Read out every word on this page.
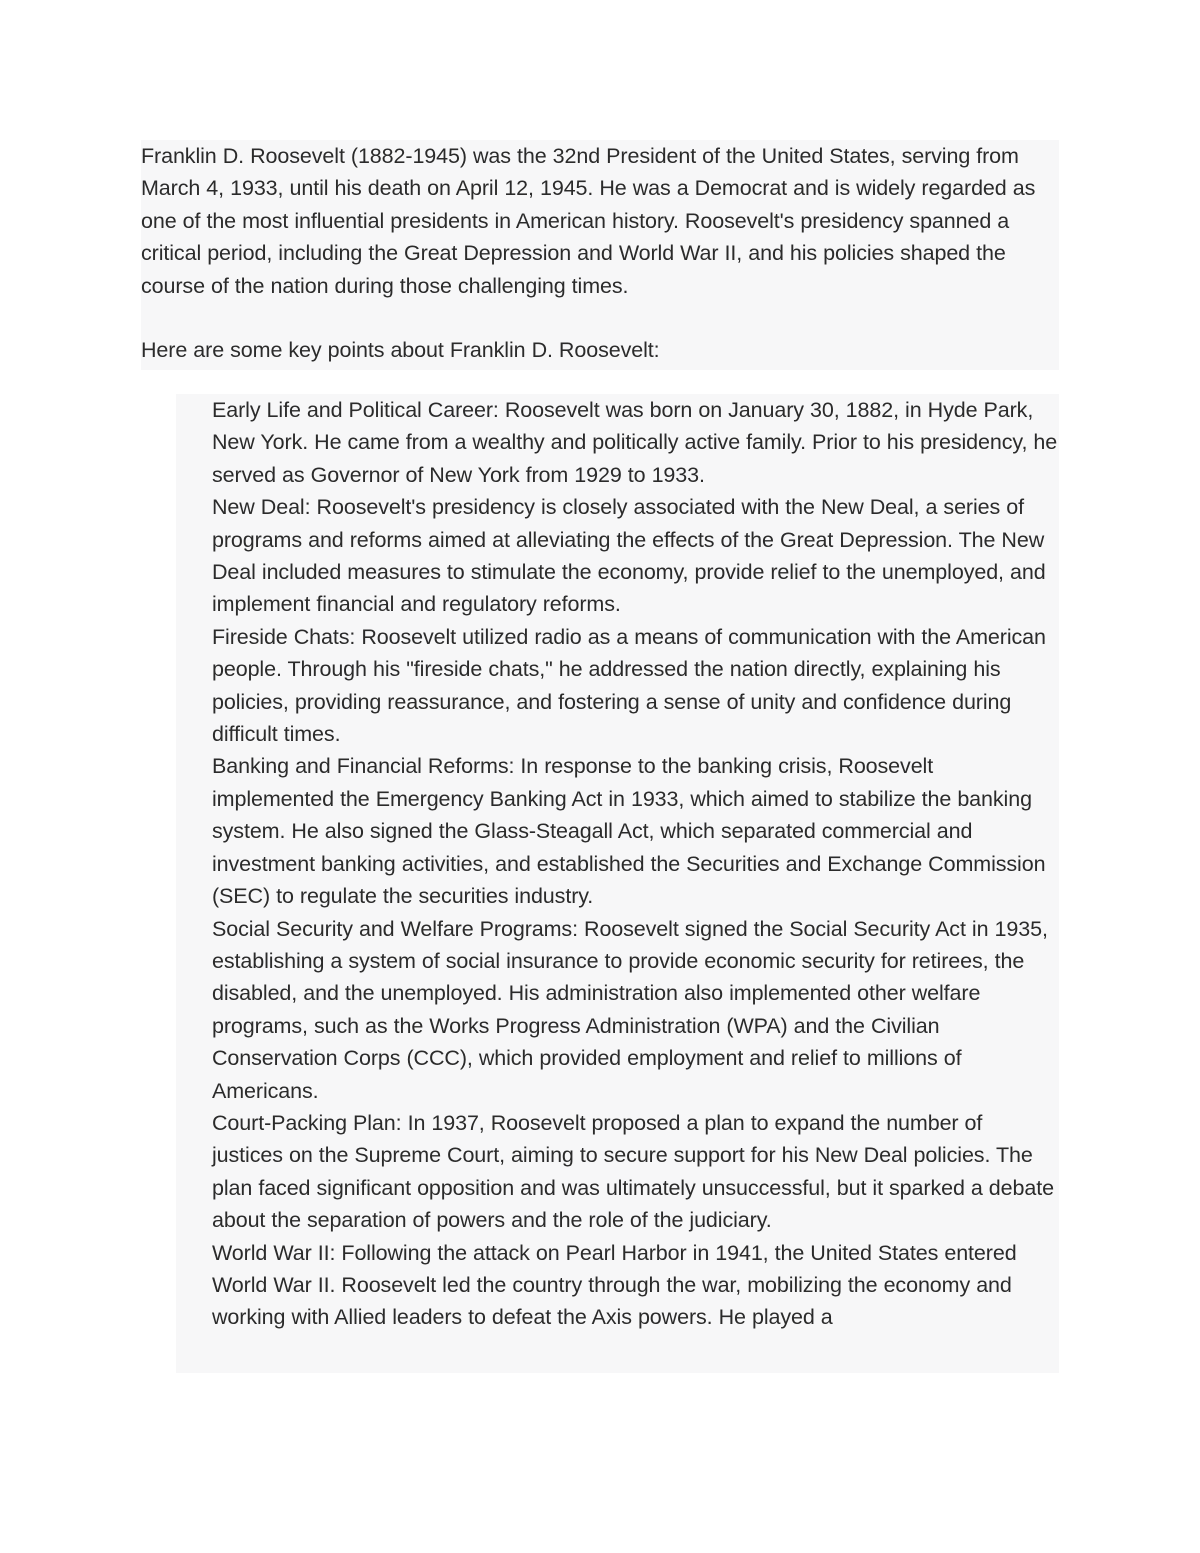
Franklin D. Roosevelt (1882-1945) was the 32nd President of the United States, serving from March 4, 1933, until his death on April 12, 1945. He was a Democrat and is widely regarded as one of the most influential presidents in American history. Roosevelt's presidency spanned a critical period, including the Great Depression and World War II, and his policies shaped the course of the nation during those challenging times.

Here are some key points about Franklin D. Roosevelt:

Early Life and Political Career: Roosevelt was born on January 30, 1882, in Hyde Park, New York. He came from a wealthy and politically active family. Prior to his presidency, he served as Governor of New York from 1929 to 1933.
New Deal: Roosevelt's presidency is closely associated with the New Deal, a series of programs and reforms aimed at alleviating the effects of the Great Depression. The New Deal included measures to stimulate the economy, provide relief to the unemployed, and implement financial and regulatory reforms.
Fireside Chats: Roosevelt utilized radio as a means of communication with the American people. Through his "fireside chats," he addressed the nation directly, explaining his policies, providing reassurance, and fostering a sense of unity and confidence during difficult times.
Banking and Financial Reforms: In response to the banking crisis, Roosevelt implemented the Emergency Banking Act in 1933, which aimed to stabilize the banking system. He also signed the Glass-Steagall Act, which separated commercial and investment banking activities, and established the Securities and Exchange Commission (SEC) to regulate the securities industry.
Social Security and Welfare Programs: Roosevelt signed the Social Security Act in 1935, establishing a system of social insurance to provide economic security for retirees, the disabled, and the unemployed. His administration also implemented other welfare programs, such as the Works Progress Administration (WPA) and the Civilian Conservation Corps (CCC), which provided employment and relief to millions of Americans.
Court-Packing Plan: In 1937, Roosevelt proposed a plan to expand the number of justices on the Supreme Court, aiming to secure support for his New Deal policies. The plan faced significant opposition and was ultimately unsuccessful, but it sparked a debate about the separation of powers and the role of the judiciary.
World War II: Following the attack on Pearl Harbor in 1941, the United States entered World War II. Roosevelt led the country through the war, mobilizing the economy and working with Allied leaders to defeat the Axis powers. He played a
